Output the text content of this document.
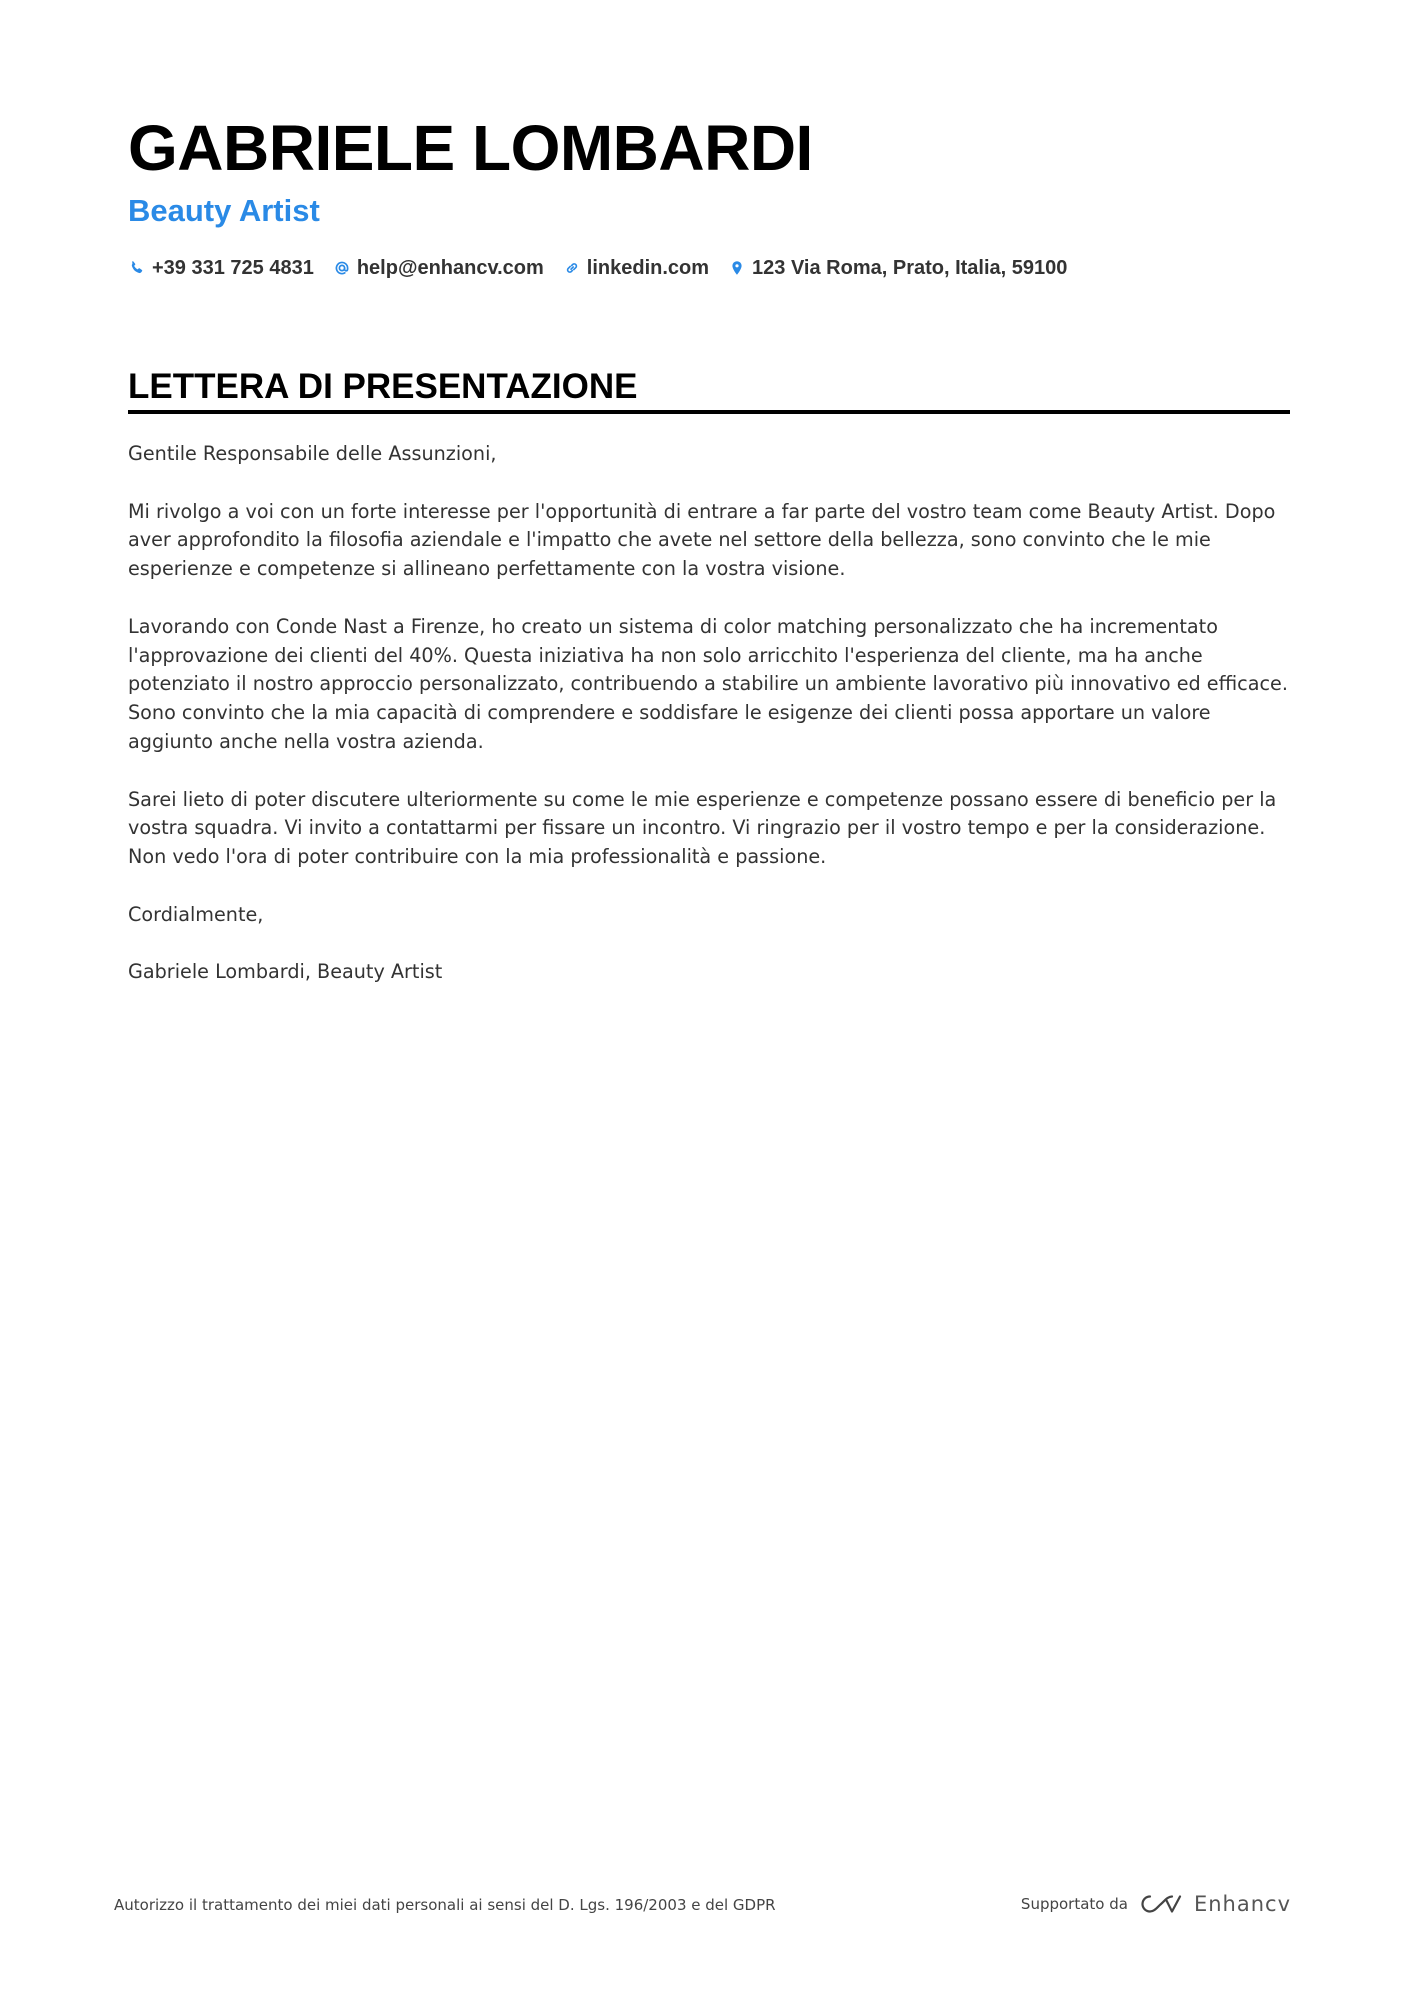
GABRIELE LOMBARDI
Beauty Artist
+39 331 725 4831 help@enhancv.com linkedin.com 123 Via Roma, Prato, Italia, 59100
LETTERA DI PRESENTAZIONE

Gentile Responsabile delle Assunzioni,

Mi rivolgo a voi con un forte interesse per l'opportunità di entrare a far parte del vostro team come Beauty Artist. Dopo aver approfondito la filosofia aziendale e l'impatto che avete nel settore della bellezza, sono convinto che le mie esperienze e competenze si allineano perfettamente con la vostra visione.

Lavorando con Conde Nast a Firenze, ho creato un sistema di color matching personalizzato che ha incrementato l'approvazione dei clienti del 40%. Questa iniziativa ha non solo arricchito l'esperienza del cliente, ma ha anche potenziato il nostro approccio personalizzato, contribuendo a stabilire un ambiente lavorativo più innovativo ed efficace. Sono convinto che la mia capacità di comprendere e soddisfare le esigenze dei clienti possa apportare un valore aggiunto anche nella vostra azienda.

Sarei lieto di poter discutere ulteriormente su come le mie esperienze e competenze possano essere di beneficio per la vostra squadra. Vi invito a contattarmi per fissare un incontro. Vi ringrazio per il vostro tempo e per la considerazione. Non vedo l'ora di poter contribuire con la mia professionalità e passione.

Cordialmente,

Gabriele Lombardi, Beauty Artist

Autorizzo il trattamento dei miei dati personali ai sensi del D. Lgs. 196/2003 e del GDPR	Supportato da	Enhancv
